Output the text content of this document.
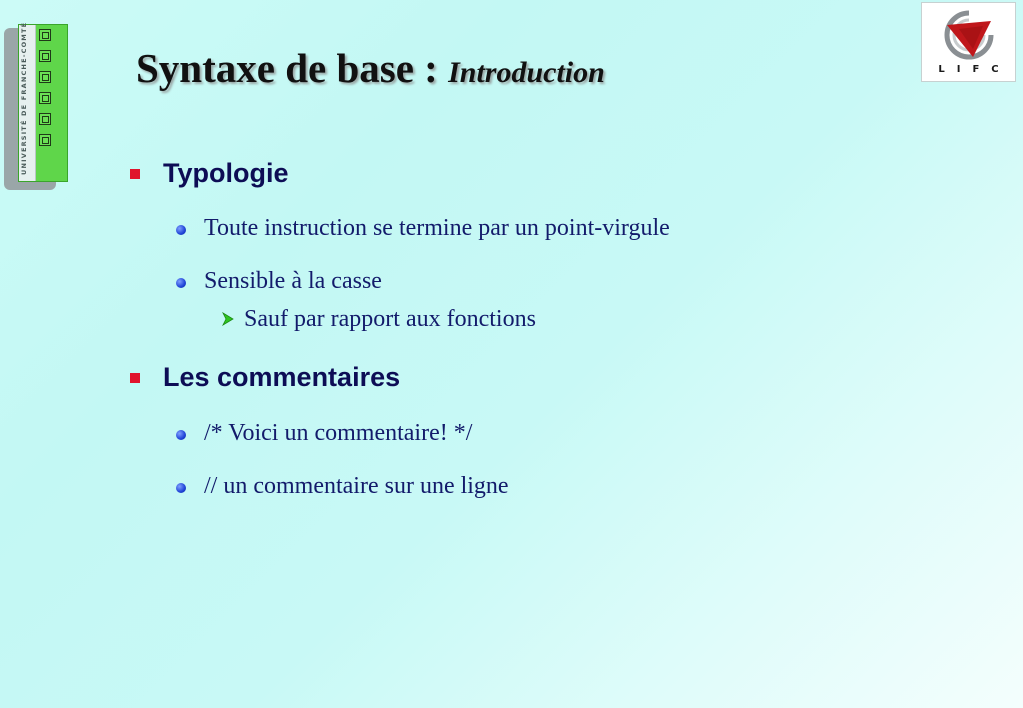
UNIVERSITÉ DE FRANCHE-COMTÉ	LIFC
Syntaxe de base : Introduction
Typologie
Toute instruction se termine par un point-virgule
Sensible à la casse
Sauf par rapport aux fonctions
Les commentaires
/* Voici un commentaire! */
// un commentaire sur une ligne
